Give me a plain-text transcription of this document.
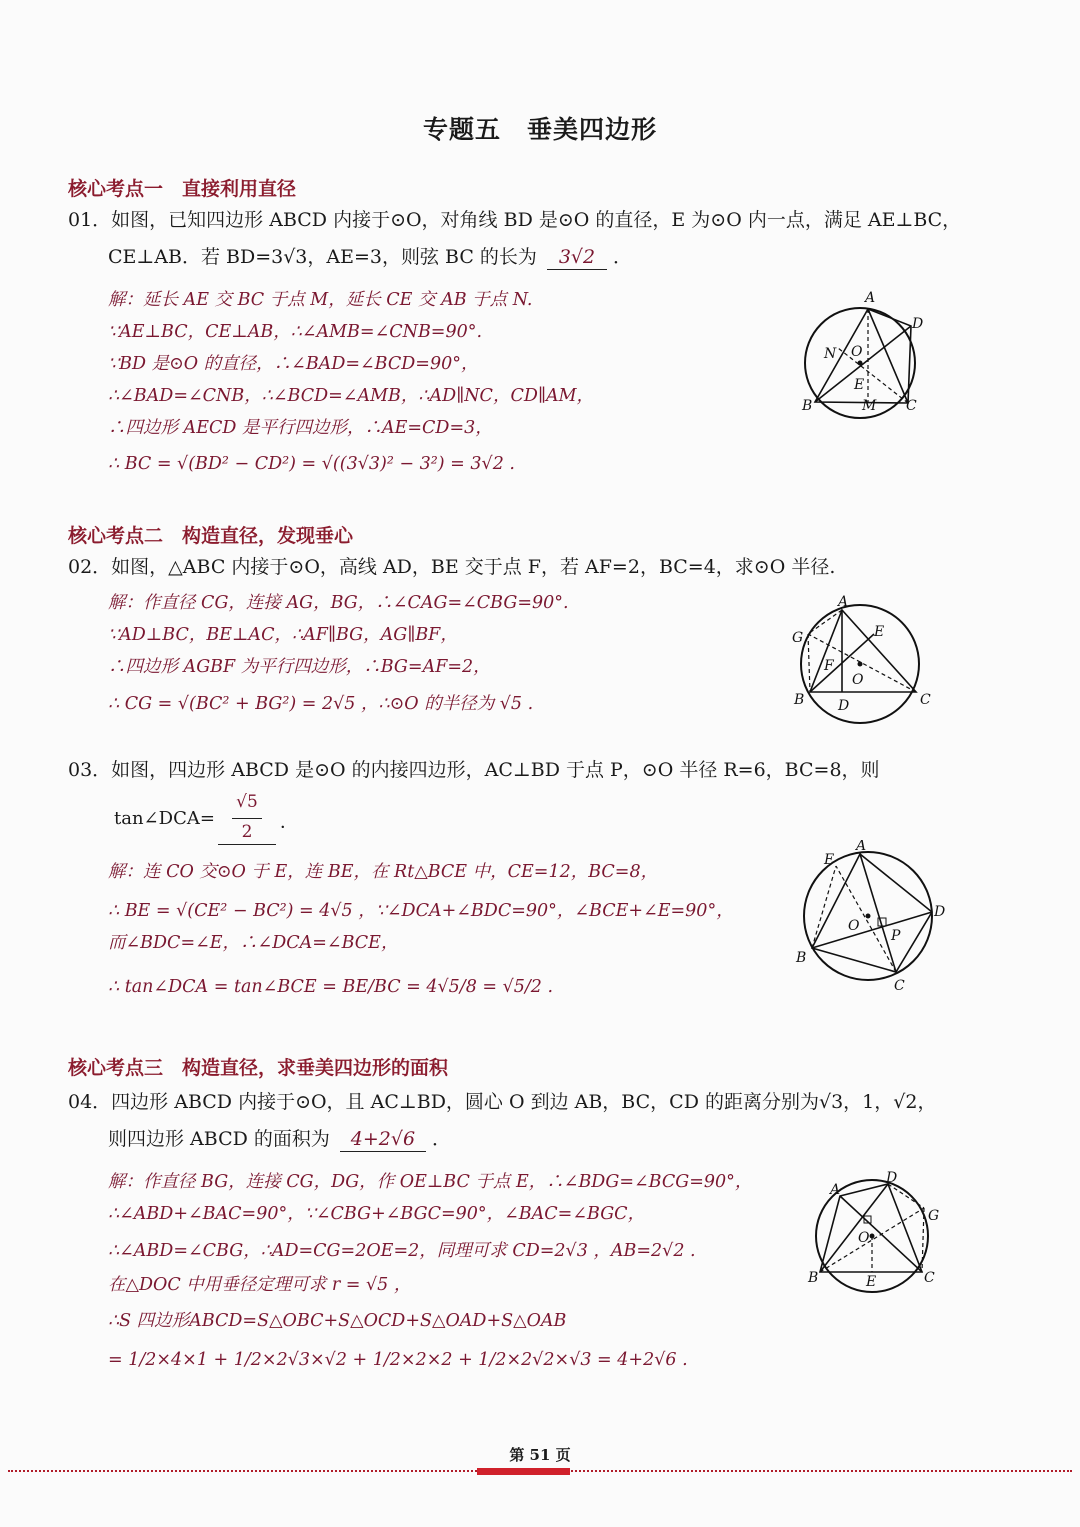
专题五　垂美四边形
核心考点一　直接利用直径
01．如图，已知四边形 ABCD 内接于⊙O，对角线 BD 是⊙O 的直径，E 为⊙O 内一点，满足 AE⊥BC，
CE⊥AB．若 BD=3√3，AE=3，则弦 BC 的长为 3√2 ．
解：延长 AE 交 BC 于点 M，延长 CE 交 AB 于点 N.
∵AE⊥BC，CE⊥AB，∴∠AMB=∠CNB=90°.
∵BD 是⊙O 的直径，∴∠BAD=∠BCD=90°，
∴∠BAD=∠CNB，∴∠BCD=∠AMB，∴AD∥NC，CD∥AM，
∴四边形 AECD 是平行四边形，∴AE=CD=3，
∴ BC = √(BD² − CD²) = √((3√3)² − 3²) = 3√2 .
A
D
O
N
E
B	M C
核心考点二　构造直径，发现垂心
02．如图，△ABC 内接于⊙O，高线 AD，BE 交于点 F，若 AF=2，BC=4，求⊙O 半径.
解：作直径 CG，连接 AG，BG，∴∠CAG=∠CBG=90°.
∵AD⊥BC，BE⊥AC，∴AF∥BG，AG∥BF，
∴四边形 AGBF 为平行四边形，∴BG=AF=2，
∴ CG = √(BC² + BG²) = 2√5 ，∴⊙O 的半径为 √5 .
A
G	E
F
O
B D	C
03．如图，四边形 ABCD 是⊙O 的内接四边形，AC⊥BD 于点 P，⊙O 半径 R=6，BC=8，则
tan∠DCA=
√5
2	．
解：连 CO 交⊙O 于 E，连 BE，在 Rt△BCE 中，CE=12，BC=8，
∴ BE = √(CE² − BC²) = 4√5 ，∵∠DCA+∠BDC=90°，∠BCE+∠E=90°，
而∠BDC=∠E，∴∠DCA=∠BCE，
∴ tan∠DCA = tan∠BCE = BE/BC = 4√5/8 = √5/2 .
E
A
O
P
D
B
C
核心考点三　构造直径，求垂美四边形的面积
04．四边形 ABCD 内接于⊙O，且 AC⊥BD，圆心 O 到边 AB，BC，CD 的距离分别为√3，1，√2，
则四边形 ABCD 的面积为 4+2√6 ．
解：作直径 BG，连接 CG，DG，作 OE⊥BC 于点 E，∴∠BDG=∠BCG=90°，
∴∠ABD+∠BAC=90°，∵∠CBG+∠BGC=90°，∠BAC=∠BGC，
∴∠ABD=∠CBG，∴AD=CG=2OE=2，同理可求 CD=2√3 ，AB=2√2 .
在△DOC 中用垂径定理可求 r = √5 ，
∴S 四边形ABCD=S△OBC+S△OCD+S△OAD+S△OAB
= 1/2×4×1 + 1/2×2√3×√2 + 1/2×2×2 + 1/2×2√2×√3 = 4+2√6 .
A
D
G
O
B	E	C
第 51 页
